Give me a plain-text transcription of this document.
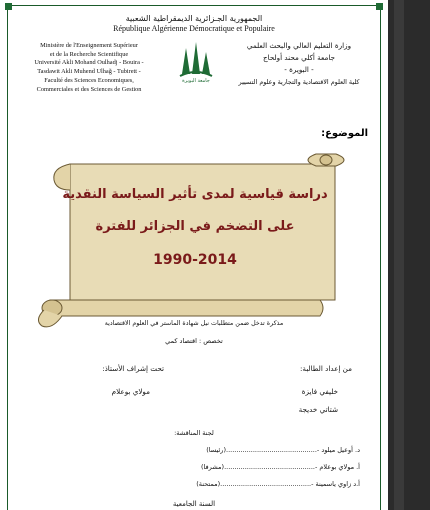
الجمهورية الجـزائرية الديمقراطية الشعبية
République Algérienne Démocratique et Populaire
Ministère de l'Enseignement Supérieur
et de la Recherche Scientifique
Université Akli Mohand Oulhadj - Bouira -
Tasdawit Akli Muhend Ulhağ - Tubirett -
Faculté des Sciences Economiques,
Commerciales et des Sciences de Gestion
وزارة التعليم العالي والبحث العلمي
جامعة أكلي محند أولحاج
- البويرة -
كلية العلوم الاقتصادية والتجارية وعلوم التسيير
جامعة البويرة
الموضوع:
دراسة قياسية لمدى تأثير السياسة النقدية
على التضخم في الجزائر للفترة
1990-2014
مذكرة تدخل ضمن متطلبات نيل شهادة الماستر في العلوم الاقتصادية
تخصص : اقتصاد كمي
من إعداد الطالبة:
خليفي فايزة
شتاتي خديجة
تحت إشراف الأستاذ:
مولاي بوعلام
لجنة المناقشة:
(رئيسا)............................................- د. أوعيل ميلود
(مشرفا)............................................- أ. مولاي بوعلام
(ممتحنة)............................................- أ.د زاوي ياسمينة
السنة الجامعية
